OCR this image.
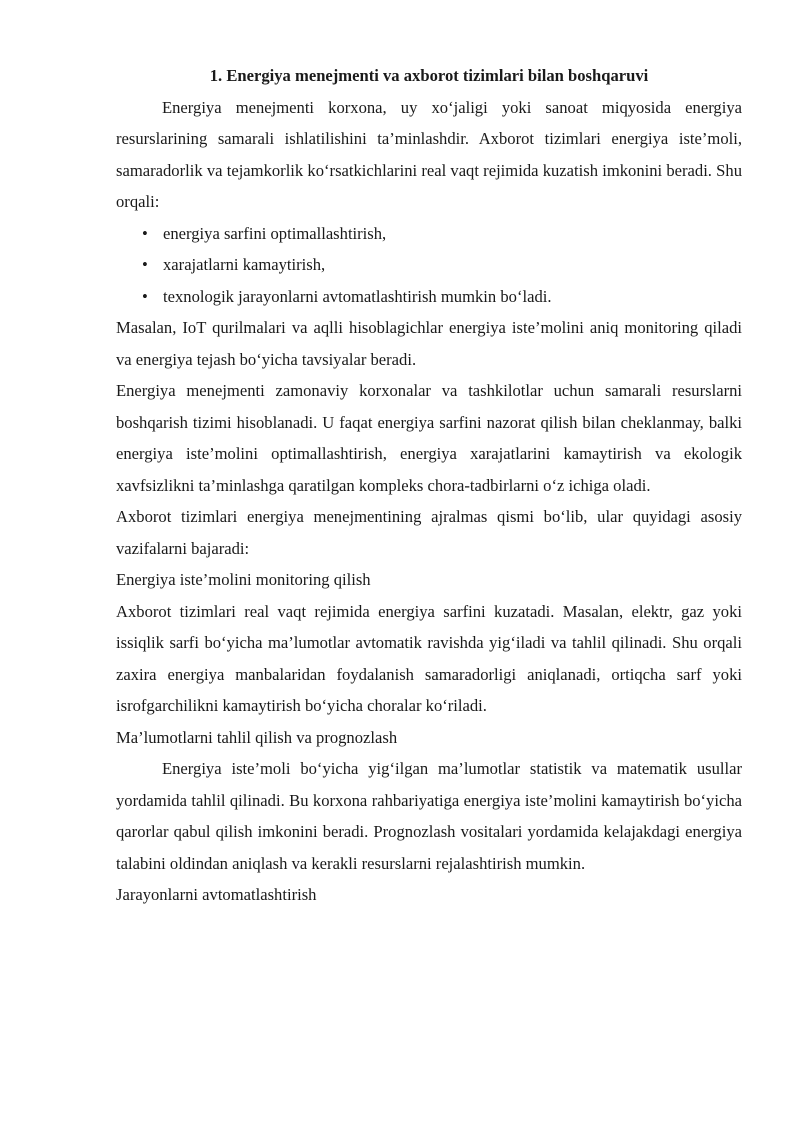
1. Energiya menejmenti va axborot tizimlari bilan boshqaruvi

Energiya menejmenti korxona, uy xo‘jaligi yoki sanoat miqyosida energiya resurslarining samarali ishlatilishini ta’minlashdir. Axborot tizimlari energiya iste’moli, samaradorlik va tejamkorlik ko‘rsatkichlarini real vaqt rejimida kuzatish imkonini beradi. Shu orqali:

• energiya sarfini optimallashtirish,
• xarajatlarni kamaytirish,
• texnologik jarayonlarni avtomatlashtirish mumkin bo‘ladi.

Masalan, IoT qurilmalari va aqlli hisoblagichlar energiya iste’molini aniq monitoring qiladi va energiya tejash bo‘yicha tavsiyalar beradi.

Energiya menejmenti zamonaviy korxonalar va tashkilotlar uchun samarali resurslarni boshqarish tizimi hisoblanadi. U faqat energiya sarfini nazorat qilish bilan cheklanmay, balki energiya iste’molini optimallashtirish, energiya xarajatlarini kamaytirish va ekologik xavfsizlikni ta’minlashga qaratilgan kompleks chora-tadbirlarni o‘z ichiga oladi.

Axborot tizimlari energiya menejmentining ajralmas qismi bo‘lib, ular quyidagi asosiy vazifalarni bajaradi:

Energiya iste’molini monitoring qilish

Axborot tizimlari real vaqt rejimida energiya sarfini kuzatadi. Masalan, elektr, gaz yoki issiqlik sarfi bo‘yicha ma’lumotlar avtomatik ravishda yig‘iladi va tahlil qilinadi. Shu orqali zaxira energiya manbalaridan foydalanish samaradorligi aniqlanadi, ortiqcha sarf yoki isrofgarchilikni kamaytirish bo‘yicha choralar ko‘riladi.

Ma’lumotlarni tahlil qilish va prognozlash

Energiya iste’moli bo‘yicha yig‘ilgan ma’lumotlar statistik va matematik usullar yordamida tahlil qilinadi. Bu korxona rahbariyatiga energiya iste’molini kamaytirish bo‘yicha qarorlar qabul qilish imkonini beradi. Prognozlash vositalari yordamida kelajakdagi energiya talabini oldindan aniqlash va kerakli resurslarni rejalashtirish mumkin.

Jarayonlarni avtomatlashtirish
